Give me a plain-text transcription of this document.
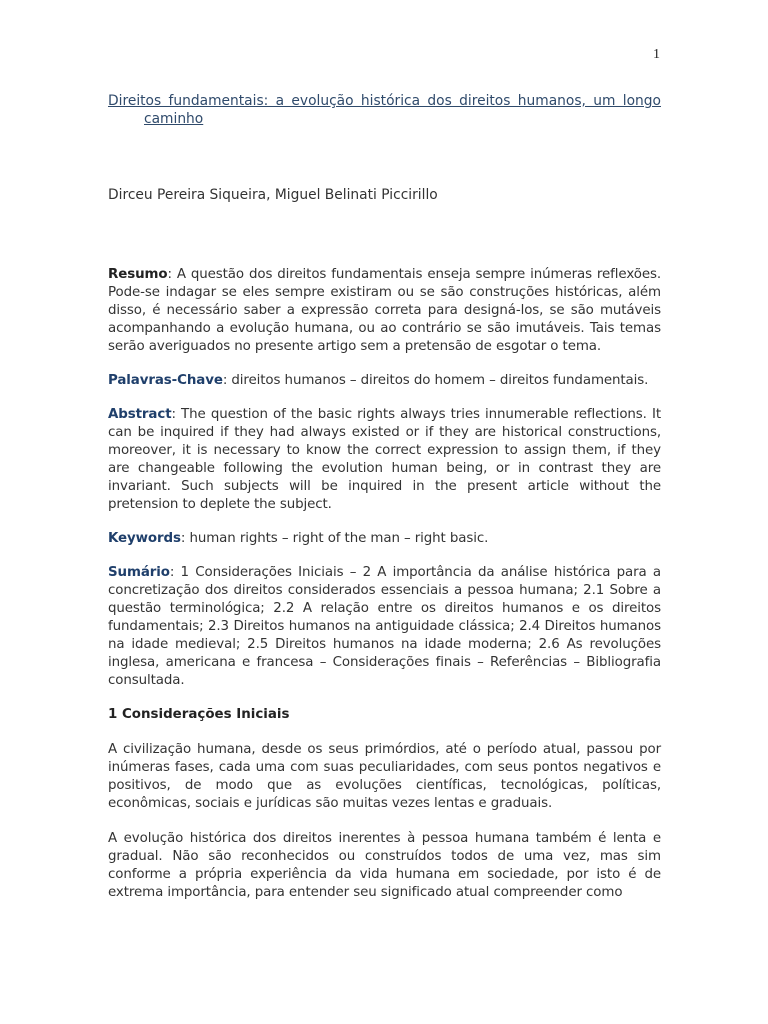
1

Direitos fundamentais: a evolução histórica dos direitos humanos, um longo caminho

Dirceu Pereira Siqueira, Miguel Belinati Piccirillo

Resumo: A questão dos direitos fundamentais enseja sempre inúmeras reflexões. Pode-se indagar se eles sempre existiram ou se são construções históricas, além disso, é necessário saber a expressão correta para designá-los, se são mutáveis acompanhando a evolução humana, ou ao contrário se são imutáveis. Tais temas serão averiguados no presente artigo sem a pretensão de esgotar o tema.

Palavras-Chave: direitos humanos – direitos do homem – direitos fundamentais.

Abstract: The question of the basic rights always tries innumerable reflections. It can be inquired if they had always existed or if they are historical constructions, moreover, it is necessary to know the correct expression to assign them, if they are changeable following the evolution human being, or in contrast they are invariant. Such subjects will be inquired in the present article without the pretension to deplete the subject.

Keywords: human rights – right of the man – right basic.

Sumário: 1 Considerações Iniciais – 2 A importância da análise histórica para a concretização dos direitos considerados essenciais a pessoa humana; 2.1 Sobre a questão terminológica; 2.2 A relação entre os direitos humanos e os direitos fundamentais; 2.3 Direitos humanos na antiguidade clássica; 2.4 Direitos humanos na idade medieval; 2.5 Direitos humanos na idade moderna; 2.6 As revoluções inglesa, americana e francesa – Considerações finais – Referências – Bibliografia consultada.

1 Considerações Iniciais

A civilização humana, desde os seus primórdios, até o período atual, passou por inúmeras fases, cada uma com suas peculiaridades, com seus pontos negativos e positivos, de modo que as evoluções científicas, tecnológicas, políticas, econômicas, sociais e jurídicas são muitas vezes lentas e graduais.

A evolução histórica dos direitos inerentes à pessoa humana também é lenta e gradual. Não são reconhecidos ou construídos todos de uma vez, mas sim conforme a própria experiência da vida humana em sociedade, por isto é de extrema importância, para entender seu significado atual compreender como
